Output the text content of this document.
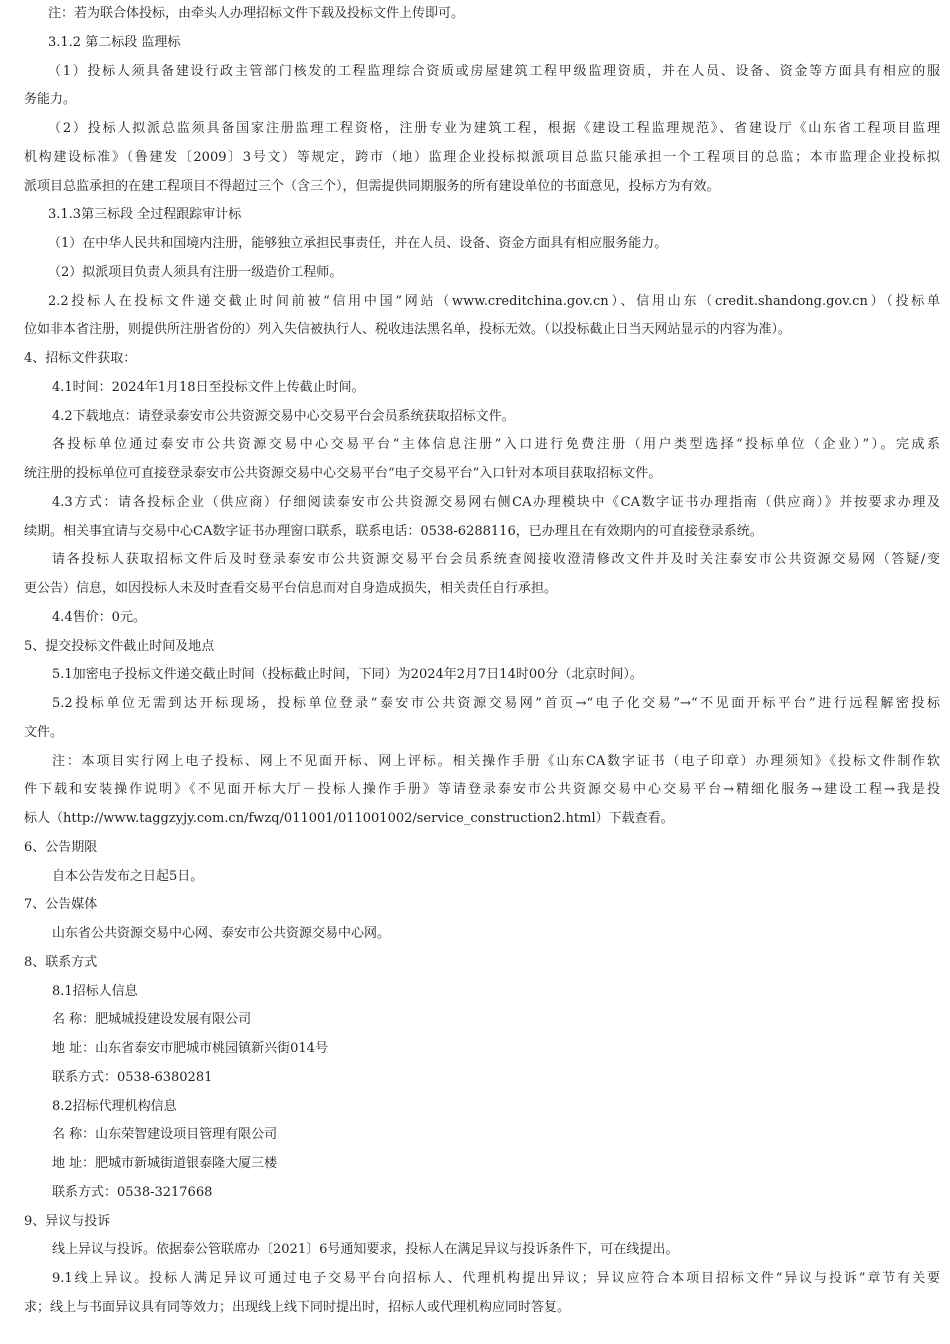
注：若为联合体投标，由牵头人办理招标文件下载及投标文件上传即可。
3.1.2 第二标段 监理标
（1）投标人须具备建设行政主管部门核发的工程监理综合资质或房屋建筑工程甲级监理资质，并在人员、设备、资金等方面具有相应的服
务能力。
（2）投标人拟派总监须具备国家注册监理工程资格，注册专业为建筑工程，根据《建设工程监理规范》、省建设厅《山东省工程项目监理
机构建设标准》（鲁建发〔2009〕3号文）等规定，跨市（地）监理企业投标拟派项目总监只能承担一个工程项目的总监；本市监理企业投标拟
派项目总监承担的在建工程项目不得超过三个（含三个），但需提供同期服务的所有建设单位的书面意见，投标方为有效。
3.1.3第三标段 全过程跟踪审计标
（1）在中华人民共和国境内注册，能够独立承担民事责任，并在人员、设备、资金方面具有相应服务能力。
（2）拟派项目负责人须具有注册一级造价工程师。
2.2投标人在投标文件递交截止时间前被“信用中国”网站（www.creditchina.gov.cn）、信用山东（credit.shandong.gov.cn）（投标单
位如非本省注册，则提供所注册省份的）列入失信被执行人、税收违法黑名单，投标无效。（以投标截止日当天网站显示的内容为准）。
4、招标文件获取：
4.1时间：2024年1月18日至投标文件上传截止时间。
4.2下载地点：请登录泰安市公共资源交易中心交易平台会员系统获取招标文件。
各投标单位通过泰安市公共资源交易中心交易平台“主体信息注册”入口进行免费注册（用户类型选择“投标单位（企业）”）。完成系
统注册的投标单位可直接登录泰安市公共资源交易中心交易平台“电子交易平台”入口针对本项目获取招标文件。
4.3方式：请各投标企业（供应商）仔细阅读泰安市公共资源交易网右侧CA办理模块中《CA数字证书办理指南（供应商）》并按要求办理及
续期。相关事宜请与交易中心CA数字证书办理窗口联系，联系电话：0538-6288116，已办理且在有效期内的可直接登录系统。
请各投标人获取招标文件后及时登录泰安市公共资源交易平台会员系统查阅接收澄清修改文件并及时关注泰安市公共资源交易网（答疑/变
更公告）信息，如因投标人未及时查看交易平台信息而对自身造成损失，相关责任自行承担。
4.4售价：0元。
5、提交投标文件截止时间及地点
5.1加密电子投标文件递交截止时间（投标截止时间，下同）为2024年2月7日14时00分（北京时间）。
5.2投标单位无需到达开标现场，投标单位登录“泰安市公共资源交易网”首页→“电子化交易”→“不见面开标平台”进行远程解密投标
文件。
注：本项目实行网上电子投标、网上不见面开标、网上评标。相关操作手册《山东CA数字证书（电子印章）办理须知》《投标文件制作软
件下载和安装操作说明》《不见面开标大厅－投标人操作手册》等请登录泰安市公共资源交易中心交易平台→精细化服务→建设工程→我是投
标人（http://www.taggzyjy.com.cn/fwzq/011001/011001002/service_construction2.html）下载查看。
6、公告期限
自本公告发布之日起5日。
7、公告媒体
山东省公共资源交易中心网、泰安市公共资源交易中心网。
8、联系方式
8.1招标人信息
名 称：肥城城投建设发展有限公司
地 址：山东省泰安市肥城市桃园镇新兴街014号
联系方式：0538-6380281
8.2招标代理机构信息
名 称：山东荣智建设项目管理有限公司
地 址：肥城市新城街道银泰隆大厦三楼
联系方式：0538-3217668
9、异议与投诉
线上异议与投诉。依据泰公管联席办〔2021〕6号通知要求，投标人在满足异议与投诉条件下，可在线提出。
9.1线上异议。投标人满足异议可通过电子交易平台向招标人、代理机构提出异议；异议应符合本项目招标文件“异议与投诉”章节有关要
求；线上与书面异议具有同等效力；出现线上线下同时提出时，招标人或代理机构应同时答复。
